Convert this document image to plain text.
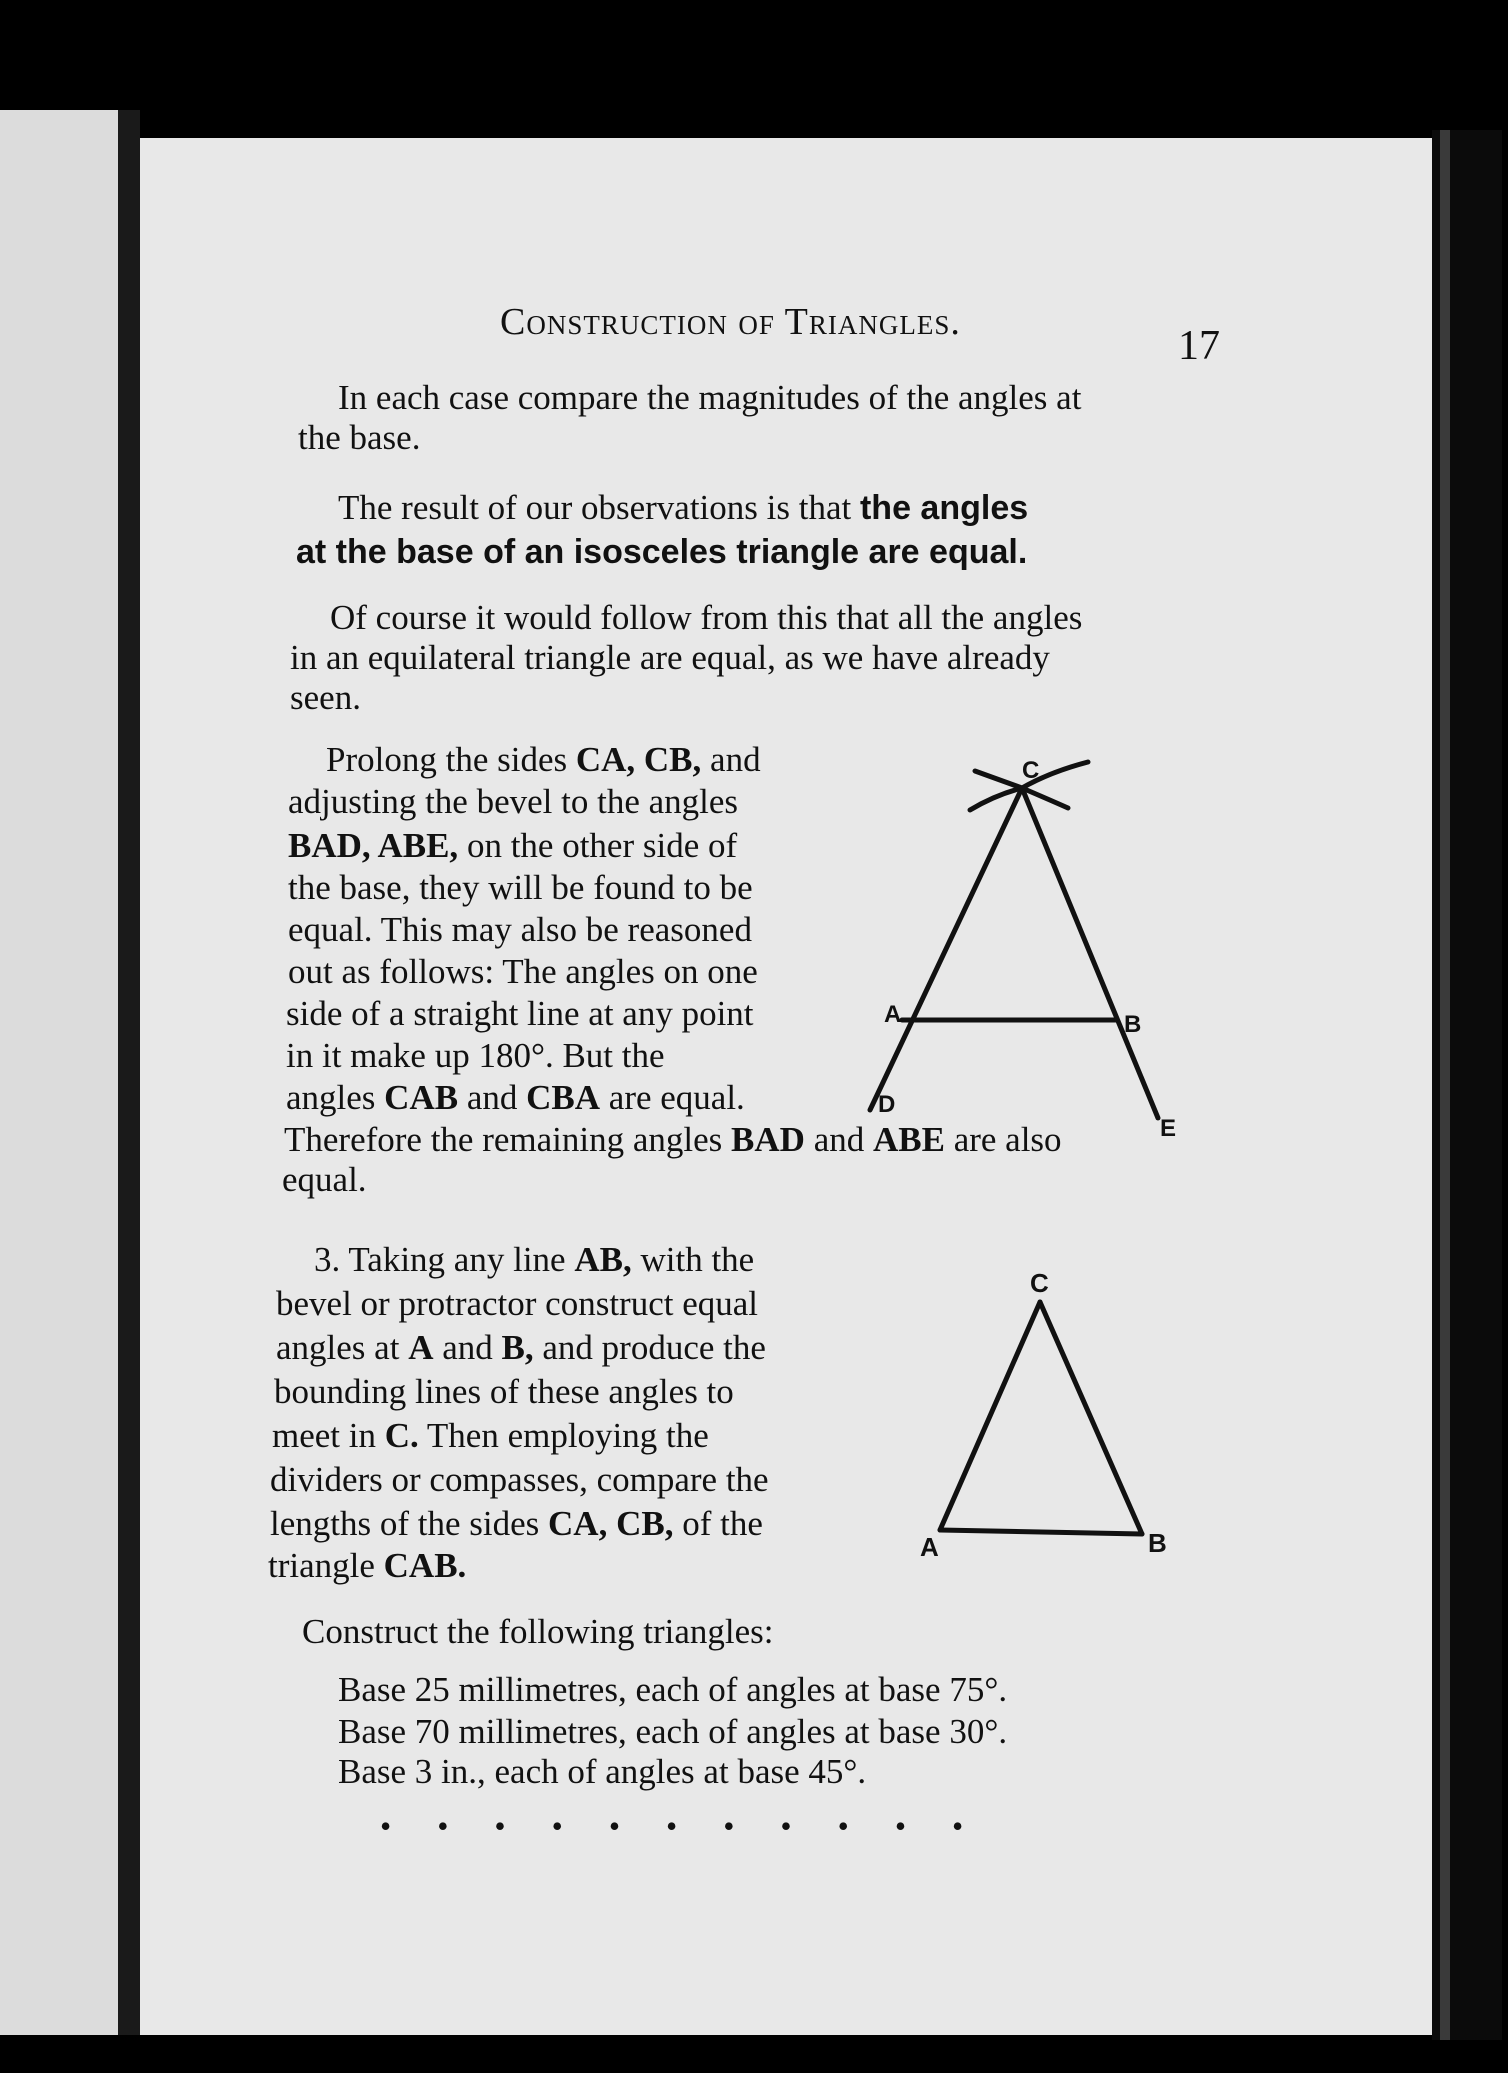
Construction of Triangles.
17
In each case compare the magnitudes of the angles at
the base.
The result of our observations is that the angles
at the base of an isosceles triangle are equal.
Of course it would follow from this that all the angles
in an equilateral triangle are equal, as we have already
seen.
Prolong the sides CA, CB, and
adjusting the bevel to the angles
BAD, ABE, on the other side of
the base, they will be found to be
equal. This may also be reasoned
out as follows: The angles on one
side of a straight line at any point
in it make up 180°. But the
angles CAB and CBA are equal.
Therefore the remaining angles BAD and ABE are also
equal.
3. Taking any line AB, with the
bevel or protractor construct equal
angles at A and B, and produce the
bounding lines of these angles to
meet in C. Then employing the
dividers or compasses, compare the
lengths of the sides CA, CB, of the
triangle CAB.
Construct the following triangles:
Base 25 millimetres, each of angles at base 75°.
Base 70 millimetres, each of angles at base 30°.
Base 3 in., each of angles at base 45°.
•••••••••••
C
A	B
D
E
C
A	B
